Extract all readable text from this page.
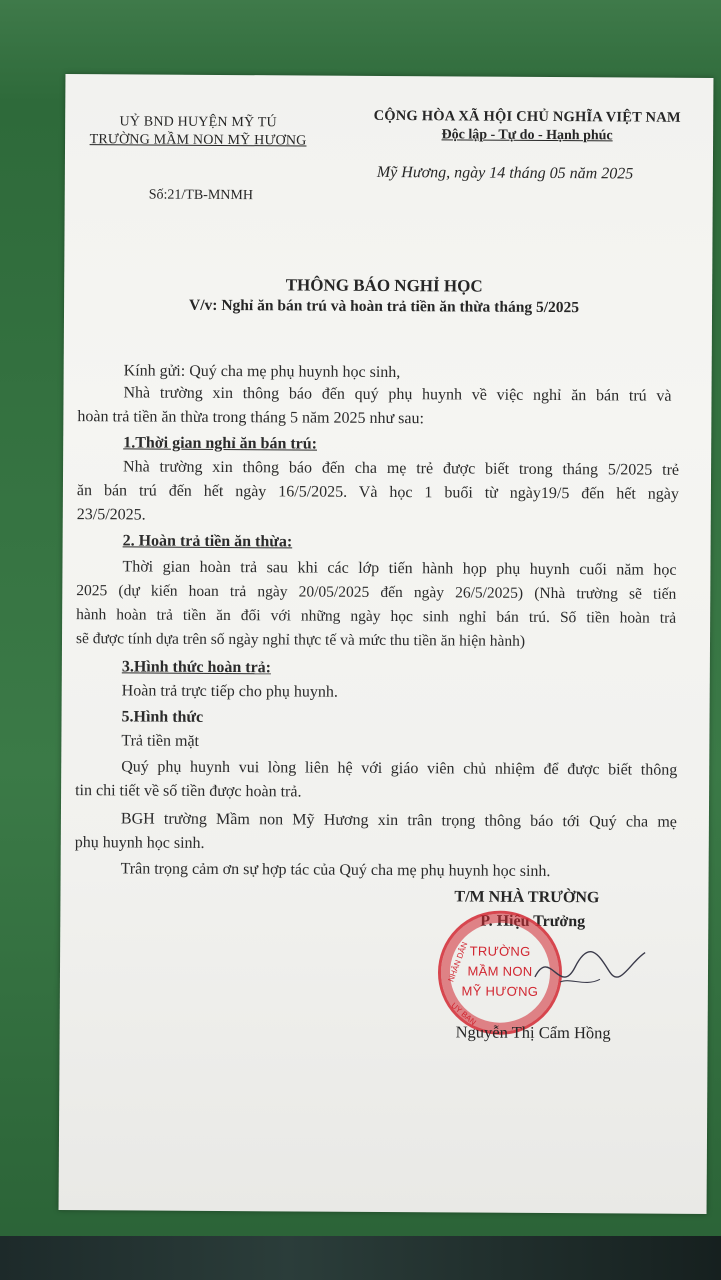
UỶ BND HUYỆN MỸ TÚ
TRƯỜNG MẦM NON MỸ HƯƠNG
CỘNG HÒA XÃ HỘI CHỦ NGHĨA VIỆT NAM
Độc lập - Tự do - Hạnh phúc
Mỹ Hương, ngày 14 tháng 05 năm 2025
Số:21/TB-MNMH
THÔNG BÁO NGHỈ HỌC
V/v: Nghỉ ăn bán trú và hoàn trả tiền ăn thừa tháng 5/2025
Kính gửi: Quý cha mẹ phụ huynh học sinh,
Nhà trường xin thông báo đến quý phụ huynh về việc nghỉ ăn bán trú và
hoàn trả tiền ăn thừa trong tháng 5 năm 2025 như sau:
1.Thời gian nghỉ ăn bán trú:
Nhà trường xin thông báo đến cha mẹ trẻ được biết trong tháng 5/2025 trẻ
ăn bán trú đến hết ngày 16/5/2025. Và học 1 buổi từ ngày19/5 đến hết ngày
23/5/2025.
2. Hoàn trả tiền ăn thừa:
Thời gian hoàn trả sau khi các lớp tiến hành họp phụ huynh cuối năm học
2025 (dự kiến hoan trả ngày 20/05/2025 đến ngày 26/5/2025) (Nhà trường sẽ tiến
hành hoàn trả tiền ăn đối với những ngày học sinh nghỉ bán trú. Số tiền hoàn trả
sẽ được tính dựa trên số ngày nghỉ thực tế và mức thu tiền ăn hiện hành)
3.Hình thức hoàn trả:
Hoàn trả trực tiếp cho phụ huynh.
5.Hình thức
Trả tiền mặt
Quý phụ huynh vui lòng liên hệ với giáo viên chủ nhiệm để được biết thông
tin chi tiết về số tiền được hoàn trả.
BGH trường Mầm non Mỹ Hương xin trân trọng thông báo tới Quý cha mẹ
phụ huynh học sinh.
Trân trọng cảm ơn sự hợp tác của Quý cha mẹ phụ huynh học sinh.
T/M NHÀ TRƯỜNG
P. Hiệu Trưởng
TRƯỜNG
MẦM NON
MỸ HƯƠNG
NHÂN DÂN
UY BAN
Nguyễn Thị Cẩm Hồng
